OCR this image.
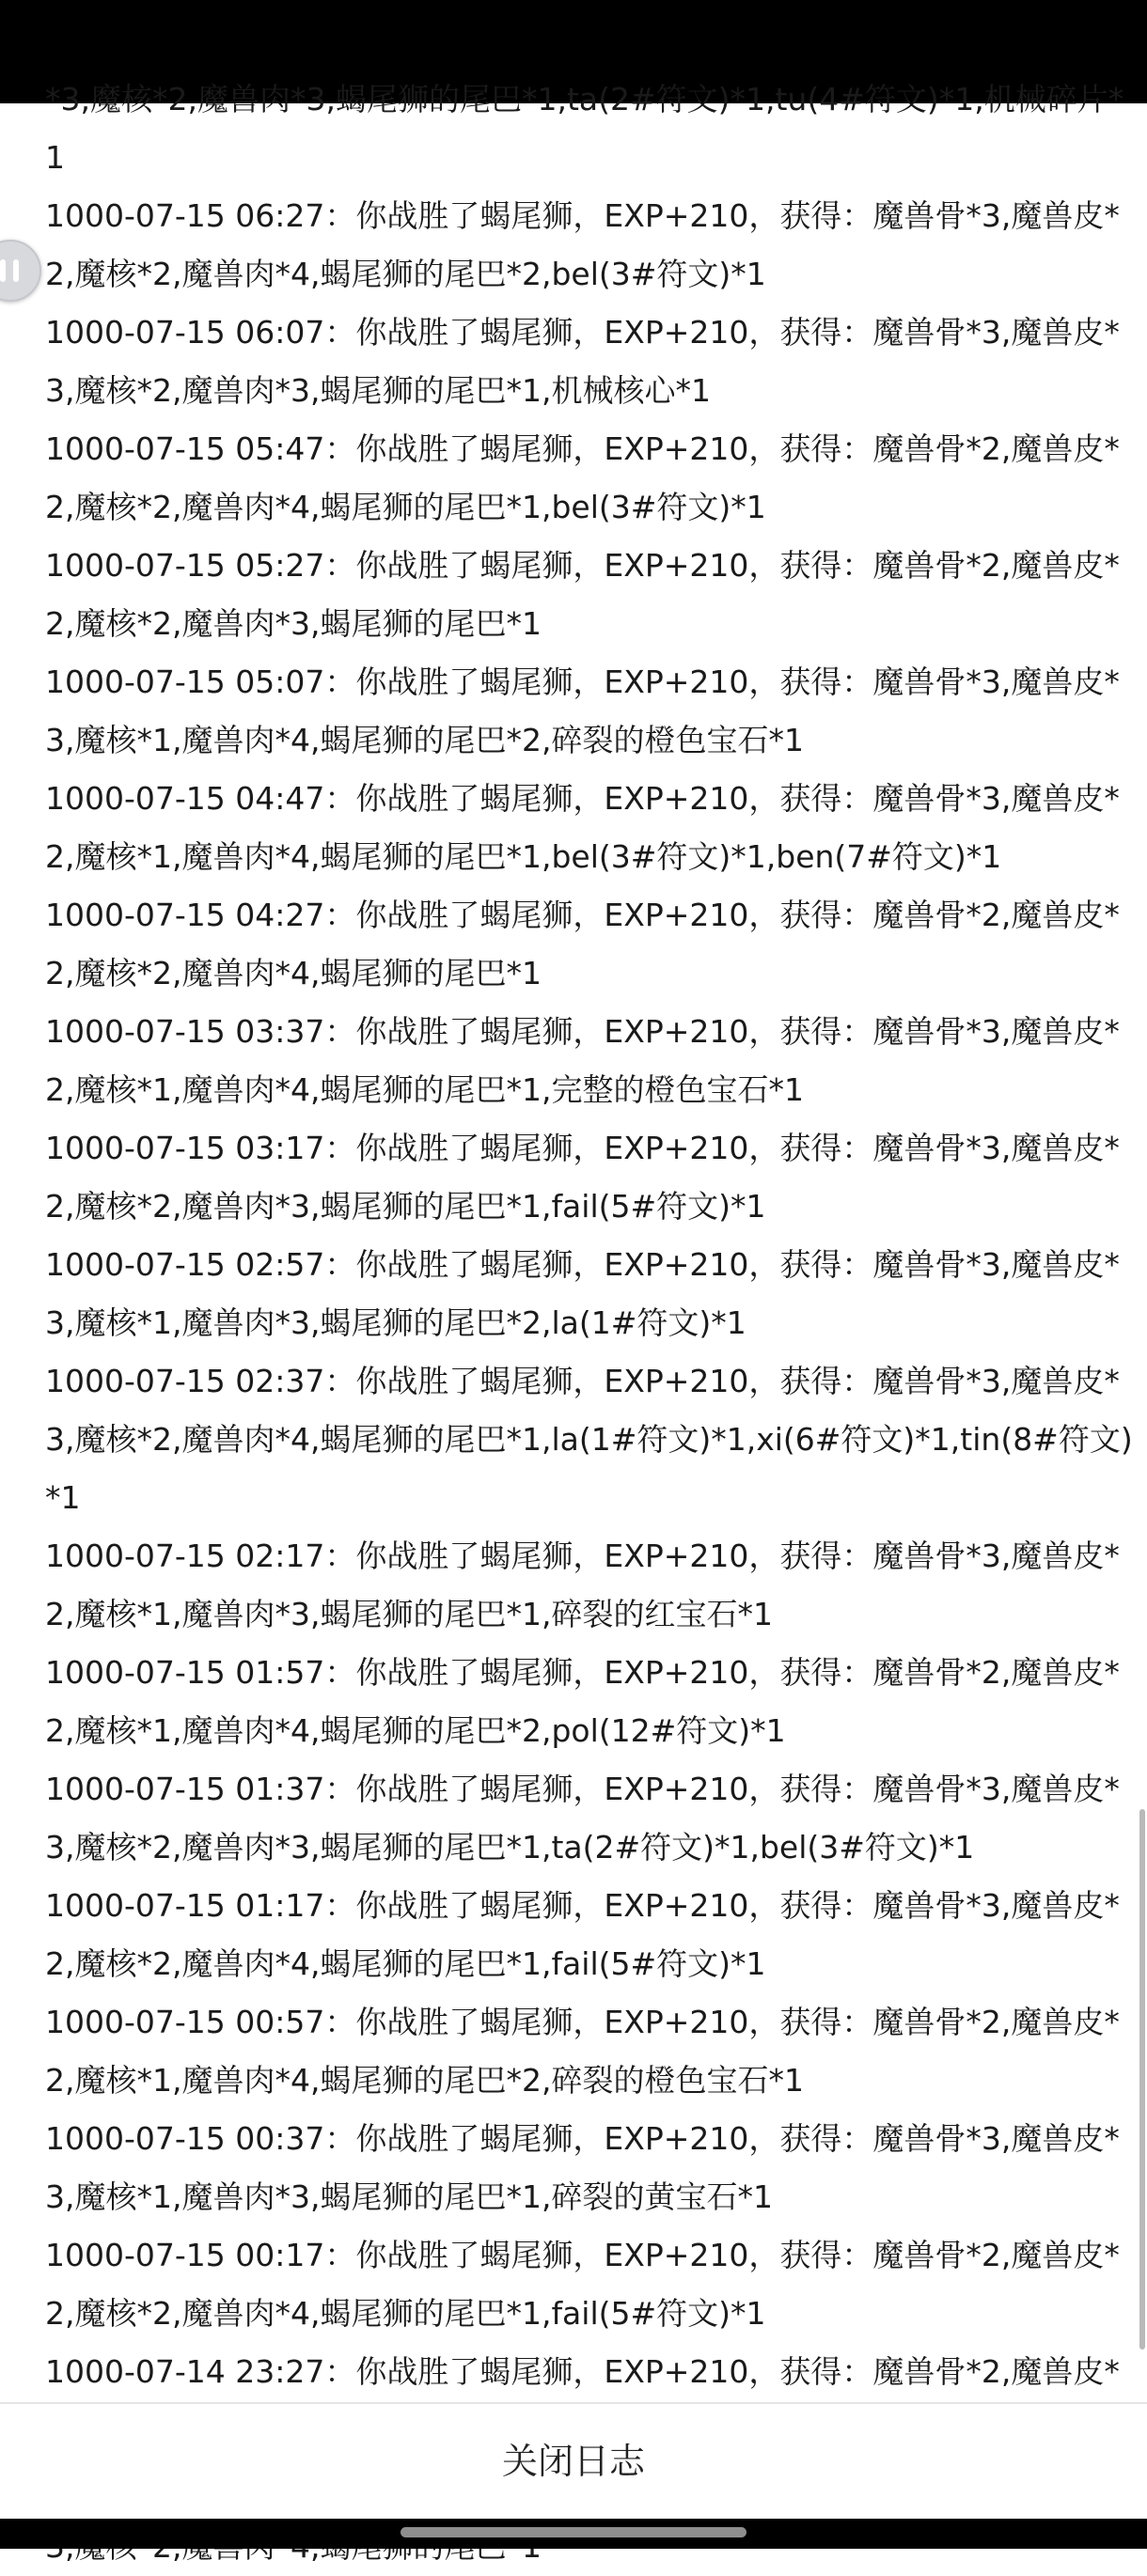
*3,魔核*2,魔兽肉*3,蝎尾狮的尾巴*1,ta(2#符文)*1,tu(4#符文)*1,机械碎片*1
1000-07-15 06:27：你战胜了蝎尾狮，EXP+210，获得：魔兽骨*3,魔兽皮*2,魔核*2,魔兽肉*4,蝎尾狮的尾巴*2,bel(3#符文)*1
1000-07-15 06:07：你战胜了蝎尾狮，EXP+210，获得：魔兽骨*3,魔兽皮*3,魔核*2,魔兽肉*3,蝎尾狮的尾巴*1,机械核心*1
1000-07-15 05:47：你战胜了蝎尾狮，EXP+210，获得：魔兽骨*2,魔兽皮*2,魔核*2,魔兽肉*4,蝎尾狮的尾巴*1,bel(3#符文)*1
1000-07-15 05:27：你战胜了蝎尾狮，EXP+210，获得：魔兽骨*2,魔兽皮*2,魔核*2,魔兽肉*3,蝎尾狮的尾巴*1
1000-07-15 05:07：你战胜了蝎尾狮，EXP+210，获得：魔兽骨*3,魔兽皮*3,魔核*1,魔兽肉*4,蝎尾狮的尾巴*2,碎裂的橙色宝石*1
1000-07-15 04:47：你战胜了蝎尾狮，EXP+210，获得：魔兽骨*3,魔兽皮*2,魔核*1,魔兽肉*4,蝎尾狮的尾巴*1,bel(3#符文)*1,ben(7#符文)*1
1000-07-15 04:27：你战胜了蝎尾狮，EXP+210，获得：魔兽骨*2,魔兽皮*2,魔核*2,魔兽肉*4,蝎尾狮的尾巴*1
1000-07-15 03:37：你战胜了蝎尾狮，EXP+210，获得：魔兽骨*3,魔兽皮*2,魔核*1,魔兽肉*4,蝎尾狮的尾巴*1,完整的橙色宝石*1
1000-07-15 03:17：你战胜了蝎尾狮，EXP+210，获得：魔兽骨*3,魔兽皮*2,魔核*2,魔兽肉*3,蝎尾狮的尾巴*1,fail(5#符文)*1
1000-07-15 02:57：你战胜了蝎尾狮，EXP+210，获得：魔兽骨*3,魔兽皮*3,魔核*1,魔兽肉*3,蝎尾狮的尾巴*2,la(1#符文)*1
1000-07-15 02:37：你战胜了蝎尾狮，EXP+210，获得：魔兽骨*3,魔兽皮*3,魔核*2,魔兽肉*4,蝎尾狮的尾巴*1,la(1#符文)*1,xi(6#符文)*1,tin(8#符文)*1
1000-07-15 02:17：你战胜了蝎尾狮，EXP+210，获得：魔兽骨*3,魔兽皮*2,魔核*1,魔兽肉*3,蝎尾狮的尾巴*1,碎裂的红宝石*1
1000-07-15 01:57：你战胜了蝎尾狮，EXP+210，获得：魔兽骨*2,魔兽皮*2,魔核*1,魔兽肉*4,蝎尾狮的尾巴*2,pol(12#符文)*1
1000-07-15 01:37：你战胜了蝎尾狮，EXP+210，获得：魔兽骨*3,魔兽皮*3,魔核*2,魔兽肉*3,蝎尾狮的尾巴*1,ta(2#符文)*1,bel(3#符文)*1
1000-07-15 01:17：你战胜了蝎尾狮，EXP+210，获得：魔兽骨*3,魔兽皮*2,魔核*2,魔兽肉*4,蝎尾狮的尾巴*1,fail(5#符文)*1
1000-07-15 00:57：你战胜了蝎尾狮，EXP+210，获得：魔兽骨*2,魔兽皮*2,魔核*1,魔兽肉*4,蝎尾狮的尾巴*2,碎裂的橙色宝石*1
1000-07-15 00:37：你战胜了蝎尾狮，EXP+210，获得：魔兽骨*3,魔兽皮*3,魔核*1,魔兽肉*3,蝎尾狮的尾巴*1,碎裂的黄宝石*1
1000-07-15 00:17：你战胜了蝎尾狮，EXP+210，获得：魔兽骨*2,魔兽皮*2,魔核*2,魔兽肉*4,蝎尾狮的尾巴*1,fail(5#符文)*1
1000-07-14 23:27：你战胜了蝎尾狮，EXP+210，获得：魔兽骨*2,魔兽皮*
关闭日志
